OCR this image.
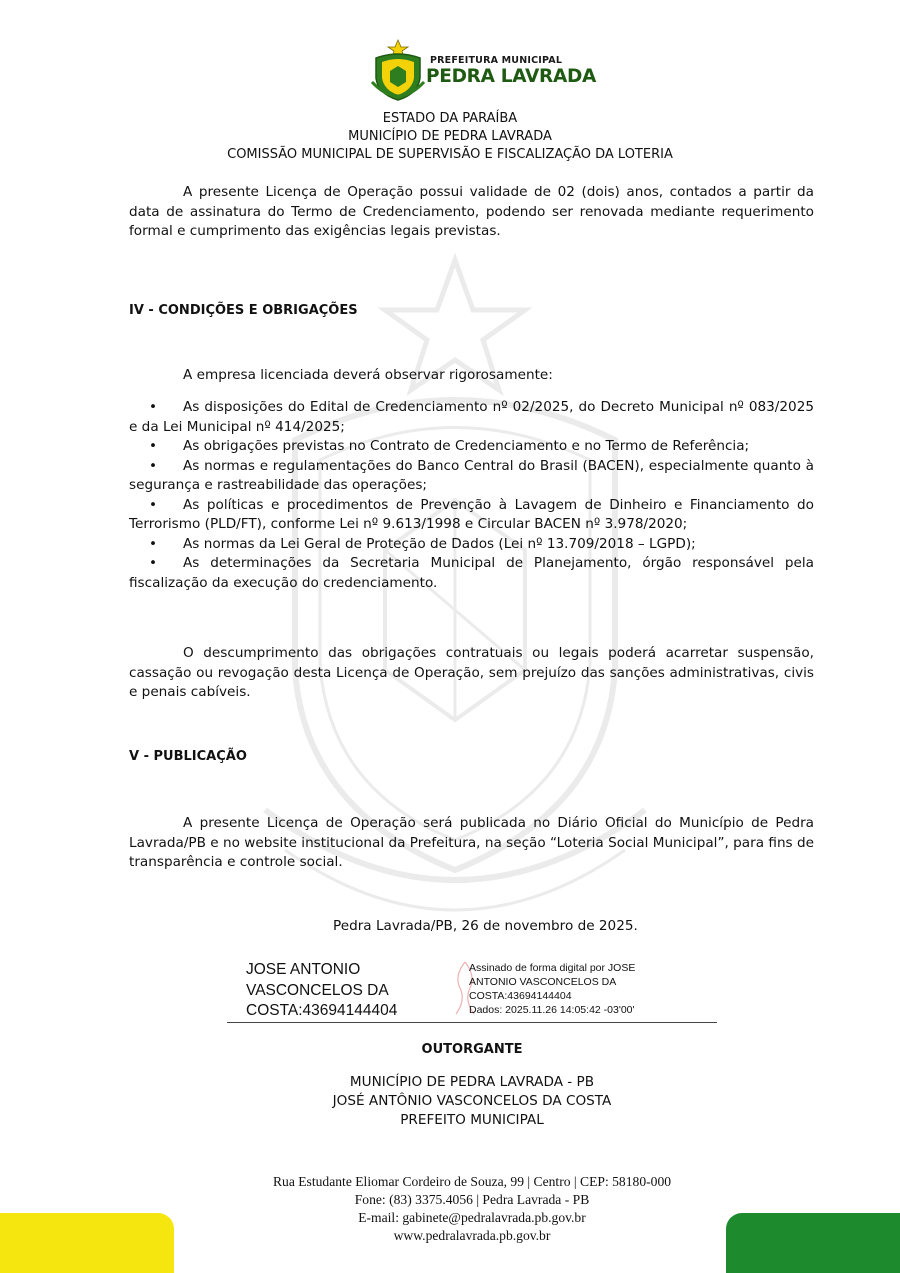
PREFEITURA MUNICIPAL
PEDRA LAVRADA
ESTADO DA PARAÍBA
MUNICÍPIO DE PEDRA LAVRADA
COMISSÃO MUNICIPAL DE SUPERVISÃO E FISCALIZAÇÃO DA LOTERIA
A presente Licença de Operação possui validade de 02 (dois) anos, contados a partir da data de assinatura do Termo de Credenciamento, podendo ser renovada mediante requerimento formal e cumprimento das exigências legais previstas.
IV - CONDIÇÕES E OBRIGAÇÕES
A empresa licenciada deverá observar rigorosamente:
• As disposições do Edital de Credenciamento nº 02/2025, do Decreto Municipal nº 083/2025 e da Lei Municipal nº 414/2025;
• As obrigações previstas no Contrato de Credenciamento e no Termo de Referência;
• As normas e regulamentações do Banco Central do Brasil (BACEN), especialmente quanto à segurança e rastreabilidade das operações;
• As políticas e procedimentos de Prevenção à Lavagem de Dinheiro e Financiamento do Terrorismo (PLD/FT), conforme Lei nº 9.613/1998 e Circular BACEN nº 3.978/2020;
• As normas da Lei Geral de Proteção de Dados (Lei nº 13.709/2018 – LGPD);
• As determinações da Secretaria Municipal de Planejamento, órgão responsável pela fiscalização da execução do credenciamento.
O descumprimento das obrigações contratuais ou legais poderá acarretar suspensão, cassação ou revogação desta Licença de Operação, sem prejuízo das sanções administrativas, civis e penais cabíveis.
V - PUBLICAÇÃO
A presente Licença de Operação será publicada no Diário Oficial do Município de Pedra Lavrada/PB e no website institucional da Prefeitura, na seção “Loteria Social Municipal”, para fins de transparência e controle social.
Pedra Lavrada/PB, 26 de novembro de 2025.
JOSE ANTONIO
VASCONCELOS DA
COSTA:43694144404
Assinado de forma digital por JOSE
ANTONIO VASCONCELOS DA
COSTA:43694144404
Dados: 2025.11.26 14:05:42 -03'00'
OUTORGANTE
MUNICÍPIO DE PEDRA LAVRADA - PB
JOSÉ ANTÔNIO VASCONCELOS DA COSTA
PREFEITO MUNICIPAL
Rua Estudante Eliomar Cordeiro de Souza, 99 | Centro | CEP: 58180-000
Fone: (83) 3375.4056 | Pedra Lavrada - PB
E-mail: gabinete@pedralavrada.pb.gov.br
www.pedralavrada.pb.gov.br
